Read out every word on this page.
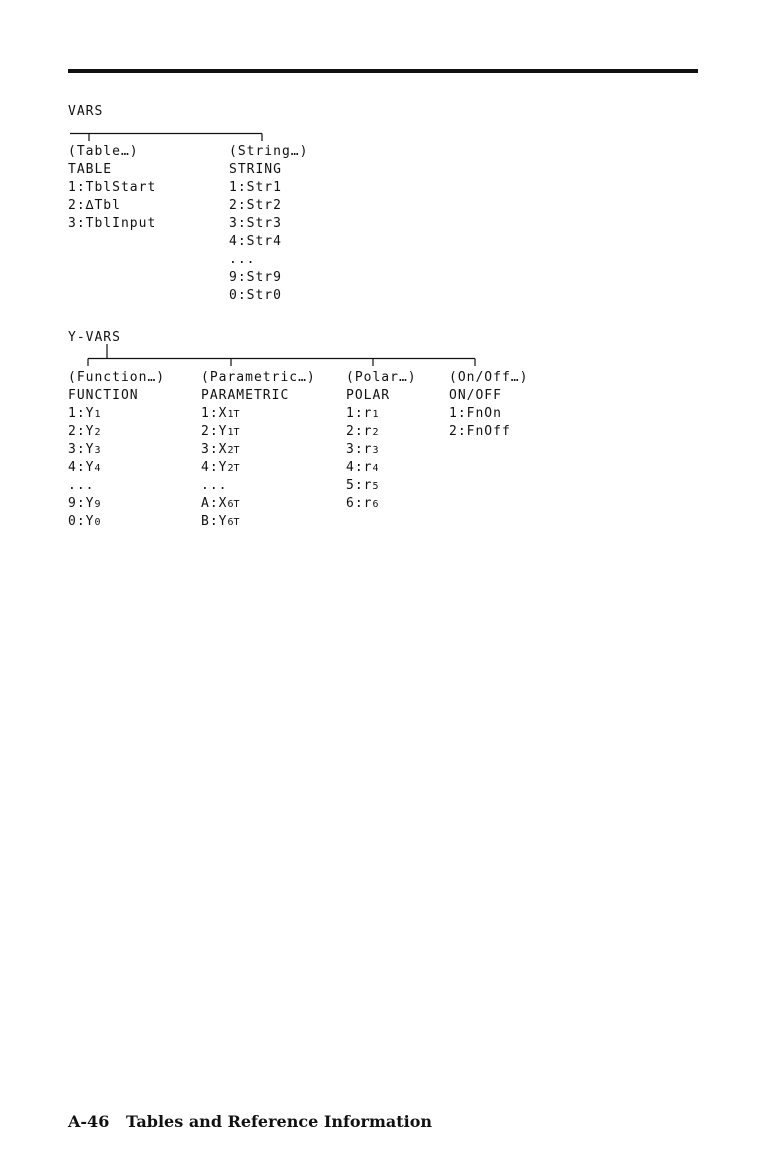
VARS
(Table…)
TABLE
1:TblStart
2:∆Tbl
3:TblInput
(String…)
STRING
1:Str1
2:Str2
3:Str3
4:Str4
...
9:Str9
0:Str0
Y-VARS
(Function…)
FUNCTION
1:Y1
2:Y2
3:Y3
4:Y4
...
9:Y9
0:Y0
(Parametric…)
PARAMETRIC
1:X1T
2:Y1T
3:X2T
4:Y2T
...
A:X6T
B:Y6T
(Polar…)
POLAR
1:r1
2:r2
3:r3
4:r4
5:r5
6:r6
(On/Off…)
ON/OFF
1:FnOn
2:FnOff
A-46 Tables and Reference Information
